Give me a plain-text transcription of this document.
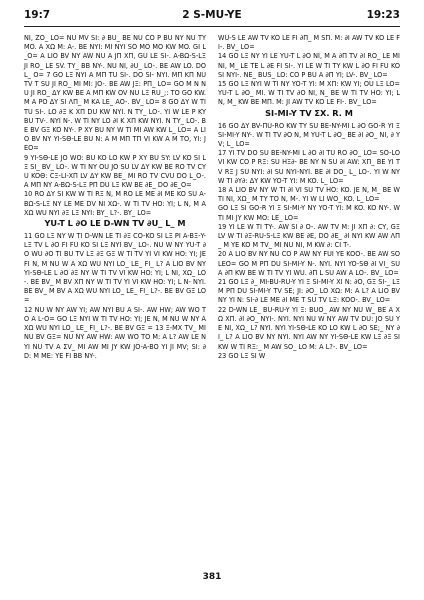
19:7	2 S-MU-YE	19:23

NI, ZO_ LO= NU MV SI: ∂ BU_ BE NU CO P BU NY NU TY MO. A XΩ M: A-. BE NYI: MI NYI SO MO MO KW MO. GI L_O= A LIO BV NY AW NU A JΠ XΠ, GU LE SI-. A-BΩ-S-LΞ JI RO_ LE SV. TY_ BB NY-. NU NI, ∂U_ LO-. BE AW LO. DO L_ O= 7 GO LΞ NYI A MΠ TU SI-. DO SI- NYI. MΠ KΠ NU TV T SU JI RO_ MI MI: JO-. BE AW JΞ: PΠ_ LO= GO M N NU JI RO_ ΔY KW BE A MΠ KW OV NU LΞ RU_;: TO GO KW. M A PO ΔY SI ΛΠ_ M KA LE_ AO-. BV_ LO= 8 GO ΔY W TI TU SI-. LO ∂Ξ K XΠ DU KW NYI. N TY_ LO-. YI W LE P KY BU TV-. NYI N-. W TI NY LO ∂I K XΠ KW NYI. N TY_ LO-. BE BV GΞ KO NY-. P XY BU NY W TI MI AW KW L_ LO= A LIO BV NY YI-SΘ-LE BU N: A M MΠ TΠ VI KW A M TO, YI: JEO=

9 YI-SΘ-LE JO WO: BU KO LO KW P XY BU SY: LV KO SI LΞ SI_ BV_ LO-. W TI NY OU JO SU LV ΔY KW BE RO TV CYU KOΘ: CΞ-LI-XΠ LV ΔY KW BE_ MI RO TV CVU DO L_O-. A MΠ NY A-BΩ-S-LΞ PΠ DU LΞ KW BE ∂E_ DO ∂E_O=

10 RO ΔY SI KW W TI RΞ N, M RO LE ME ∂I ME KO SU A-BΩ-S-LΞ NY LE ME DV NI XΩ-. W TI TV HO: YI; L N, M A XΩ WU NYI ∂Ξ LΞ NYI: BY_ L?-. BY_ LO=

YU-T L ∂O LE D-WN TV ∂U_ L_ M

11 GO LΞ NY W TI D-WN LE TI ∂Ξ CO-KO SI LΞ PI A-BΞ-Y-LΞ TV L ∂O FI FU KO SI LΞ NYI BV_ LO-. NU W NY YU-T ∂O WU ∂O TI BU TV LΞ ∂Ξ GΞ W TI TV YI VI KW HO: YI; JE FI N, M NU W A XΩ WU NYI LO_ LE_ FI_ L? A LIO BV NY YI-SΘ-LE L ∂O ∂Ξ NY W TI TV VI KW HO: YI; L NI, XΩ_ LO-. BE BV_ M BV XΠ NY W TI TV YI VI KW HO: YI; L N- NYI. BE BV_ M BV A XΩ WU NYI LO_ LE_ FI_ L?-. BE BV GΞ LO=

12 NU W NY AW YI; AW NYI BU A SI-. AW HW; AW WO TO A L-O= GO LΞ NYI W TI TV HO: YI; JE N, M NU W NY A XΩ WU NYI LO_ LE_ FI_ L?-. BE BV GΞ = 13 Ξ-MX TV_ MI NU BV GΞ= NU NY AW HW: AW WO TO M: A L? AW LE NYI NU TV A ΣV_ MI AW MI JY KW JO-A-BO YI JI MV; SI: ∂ D: M ME: YE FI BB NY-.

WU-S LE AW TV KO LE FI ∂Π_ M SΠ. M: ∂I AW TV KO LE FI-. BV_ LO=

14 GO LΞ NY YI LE YU-T L ∂O NI, M A ∂Π TV ∂I RO_ LE MI NI, M_ LE TE L ∂E FI SI-. YI LE W TI TY KW L ∂O FI FU KO SI NYI-. NE_ BUS_ LO: CO P BU A ∂Π YI; LV-. BV_ LO=

15 GO LΞ NYI W TI NY YO-T YI: M XΠ: KW YI; OU LΞ LO= YU-T L ∂O_ MI. W TI TV ∂O NI, N_ BE W TI TV HO: YI; L N, M_ KW BE MΠ. M: JI AW TV KO LE FI-. BV_ LO=

SI-MI-Y TV ΣX. R. M

16 GO ΔY BV-ΠU-RO KW TY SU BE-NY-MI L ∂O GO-R YI Ξ SI-MI-Y NY-. W TI TV ∂O N, M YU-T L ∂O_ BE ∂I ∂O_ NI, ∂ YV; L_ LO=

17 YI TV DO SU BE-NY-MI L ∂O ∂I TU RO ∂O_ LO= SO-LO VI KW CO P RΞ: SU HΞ∂- BE NY N SU ∂I AW: XΠ_ BE YI TV RΞ J SU NYI: ∂I SU NYI-NYI. BE ∂I DO_ L_ LO-. YI W NY W TI ∂Y∂: ΔY KW YO-T YI: M KO. L_ LO=

18 A LIO BV NY W TI ∂I VI SU TV HO: KO. JE N, M_ BE W TI NI, XΩ_ M TY TO N, M-. YI W LI WO_ KO. L_ LO=

GO LΞ SI GO-R YI Ξ SI-MI-Y NY YO-T YI: M KO. KO NY-. W TI MI JY KW MO: LE_ LO=

19 YI LE W TI TY-. AW SI ∂ O-. AW TV M: JI XΠ ∂: CY, GΞ LV W TI ∂Ξ-RU-S-LΞ KW BE ∂E, DO ∂E_ ∂I NYI KW AW ΛΠ_ M YE KO M TV_ MI NU NI, M KW ∂: CI T-.

20 A LIO BV NY NU CO P AW NY FUI YE KOO-. BE AW SO LEO= GO M PΠ DU SI-MI-Y N-. NYI. NYI YO-SΘ ∂I VI_ SU A ∂Π KW BE W TI TV YI WU. ∂Π L SU AW A LO-. BV_ LO=

21 GO LΞ ∂_ MI-BU-RU-Y YI Ξ SI-MI-Y XI N: ∂O, GΞ SI-_ LΞ M PΠ DU SI-MI-Y TV SE; JI: ∂O_ LO XΩ: M: A L? A LIO BV NY YI N: SI-∂ LE ME ∂I ME T SU TV LΞ: KOO-. BV_ LO=

22 D-WN LE_ BU-RU-Y YI Ξ: BUO_ AW NY NU W_ BE A XΩ XΠ. ∂I ∂O_ NYI-. NYI. NYI NU W NY AW TV DU: JO SU YE NI, XΩ_ L? NYI. NYI YI-SΘ-LE KO LO KW L ∂O SE;_ NY ∂I_ L? A LIO BV NY NYI. NYI AW NY YI-SΘ-LE KW LΞ ∂Ξ SI KW W TI RΞ:_ M AW SO_ LO M: A L?-. BV_ LO=

23 GO LΞ SI W

381
